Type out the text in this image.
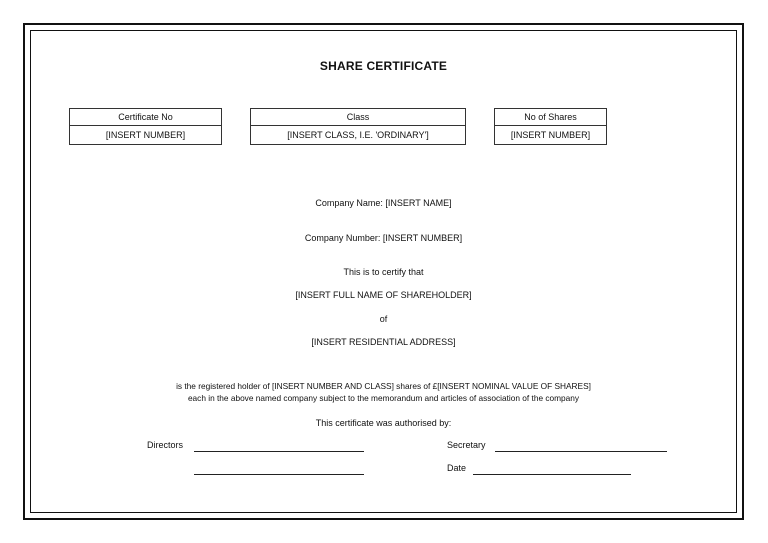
SHARE CERTIFICATE
Certificate No
[INSERT NUMBER]
Class
[INSERT CLASS, I.E. 'ORDINARY']
No of Shares
[INSERT NUMBER]
Company Name: [INSERT NAME]
Company Number: [INSERT NUMBER]
This is to certify that
[INSERT FULL NAME OF SHAREHOLDER]
of
[INSERT RESIDENTIAL ADDRESS]
is the registered holder of [INSERT NUMBER AND CLASS] shares of £[INSERT NOMINAL VALUE OF SHARES]
each in the above named company subject to the memorandum and articles of association of the company
This certificate was authorised by:
Directors	Secretary
Date
